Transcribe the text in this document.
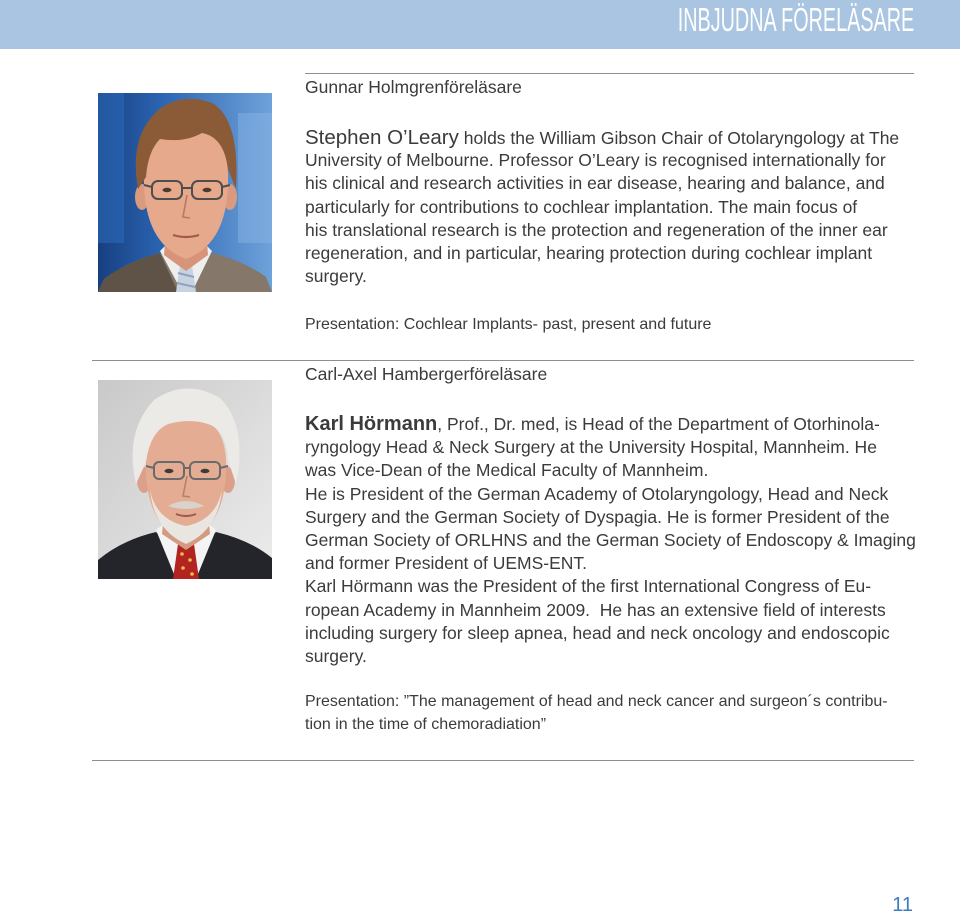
INBJUDNA FÖRELÄSARE
Gunnar Holmgrenföreläsare
Stephen O’Leary holds the William Gibson Chair of Otolaryngology at The
University of Melbourne. Professor O’Leary is recognised internationally for
his clinical and research activities in ear disease, hearing and balance, and
particularly for contributions to cochlear implantation. The main focus of
his translational research is the protection and regeneration of the inner ear
regeneration, and in particular, hearing protection during cochlear implant
surgery.
Presentation: Cochlear Implants- past, present and future
Carl-Axel Hambergerföreläsare
Karl Hörmann, Prof., Dr. med, is Head of the Department of Otorhinola-
ryngology Head & Neck Surgery at the University Hospital, Mannheim. He
was Vice-Dean of the Medical Faculty of Mannheim.
He is President of the German Academy of Otolaryngology, Head and Neck
Surgery and the German Society of Dyspagia. He is former President of the
German Society of ORLHNS and the German Society of Endoscopy & Imaging
and former President of UEMS-ENT.
Karl Hörmann was the President of the first International Congress of Eu-
ropean Academy in Mannheim 2009.  He has an extensive field of interests
including surgery for sleep apnea, head and neck oncology and endoscopic
surgery.
Presentation: ”The management of head and neck cancer and surgeon´s contribu-
tion in the time of chemoradiation”
11
